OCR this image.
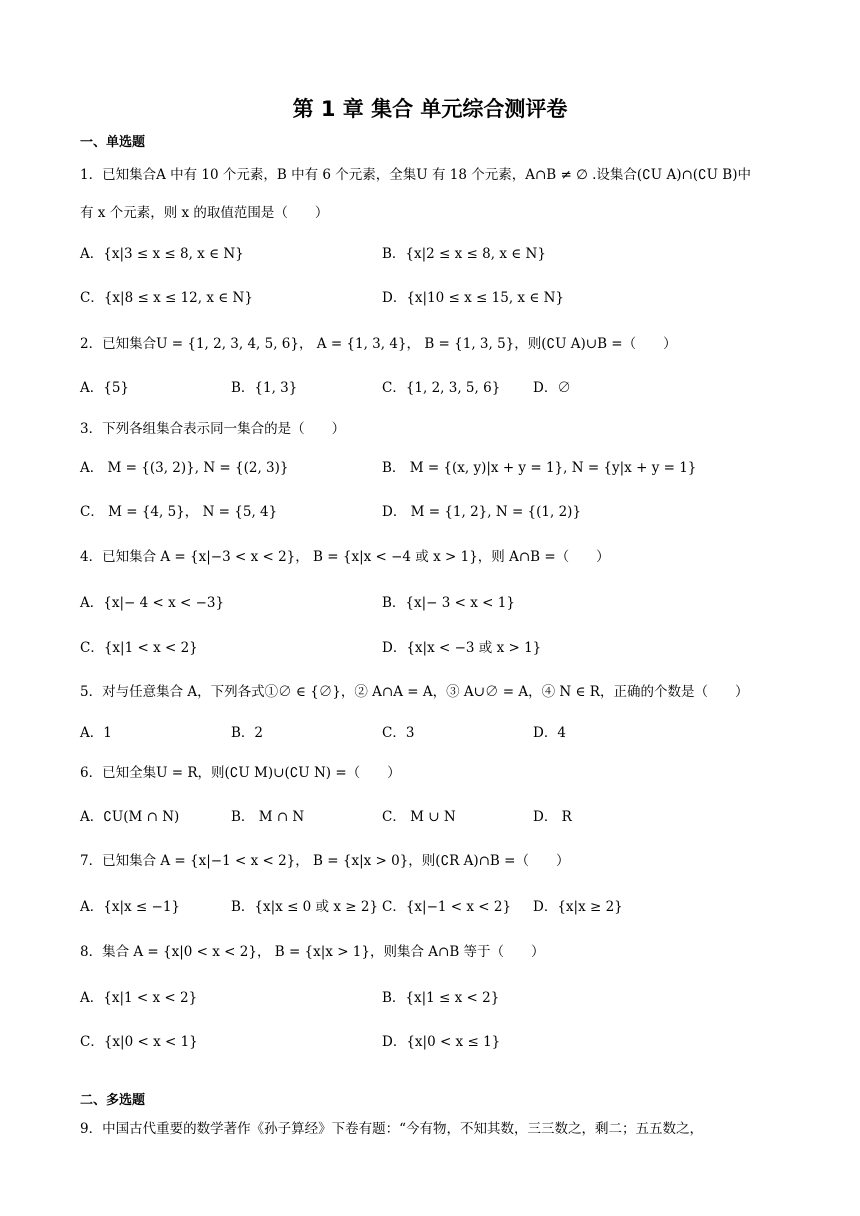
第 1 章 集合 单元综合测评卷
一、单选题
1．已知集合A 中有 10 个元素，B 中有 6 个元素，全集U 有 18 个元素，A∩B ≠ ∅ .设集合(∁U A)∩(∁U B)中
有 x 个元素，则 x 的取值范围是（　　）
A．{x|3 ≤ x ≤ 8, x ∈ N}	B．{x|2 ≤ x ≤ 8, x ∈ N}
C．{x|8 ≤ x ≤ 12, x ∈ N}	D．{x|10 ≤ x ≤ 15, x ∈ N}
2．已知集合U = {1, 2, 3, 4, 5, 6}， A = {1, 3, 4}， B = {1, 3, 5}，则(∁U A)∪B =（　　）
A．{5}	B．{1, 3}	C．{1, 2, 3, 5, 6} D．∅
3．下列各组集合表示同一集合的是（　　）
A． M = {(3, 2)}, N = {(2, 3)}	B． M = {(x, y)|x + y = 1}, N = {y|x + y = 1}
C． M = {4, 5}， N = {5, 4}	D． M = {1, 2}, N = {(1, 2)}
4．已知集合 A = {x|−3 < x < 2}， B = {x|x < −4 或 x > 1}，则 A∩B =（　　）
A．{x|− 4 < x < −3}	B．{x|− 3 < x < 1}
C．{x|1 < x < 2}	D．{x|x < −3 或 x > 1}
5．对与任意集合 A，下列各式①∅ ∈ {∅}，② A∩A = A，③ A∪∅ = A，④ N ∈ R，正确的个数是（　　）
A．1	B．2	C．3	D．4
6．已知全集U = R，则(∁U M)∪(∁U N) =（　　）
A．∁U(M ∩ N)	B． M ∩ N	C． M ∪ N	D． R
7．已知集合 A = {x|−1 < x < 2}， B = {x|x > 0}，则(∁R A)∩B =（　　）
A．{x|x ≤ −1}	B．{x|x ≤ 0 或 x ≥ 2} C．{x|−1 < x < 2} D．{x|x ≥ 2}
8．集合 A = {x|0 < x < 2}， B = {x|x > 1}，则集合 A∩B 等于（　　）
A．{x|1 < x < 2}	B．{x|1 ≤ x < 2}
C．{x|0 < x < 1}	D．{x|0 < x ≤ 1}
二、多选题
9．中国古代重要的数学著作《孙子算经》下卷有题：“今有物，不知其数，三三数之，剩二；五五数之，
